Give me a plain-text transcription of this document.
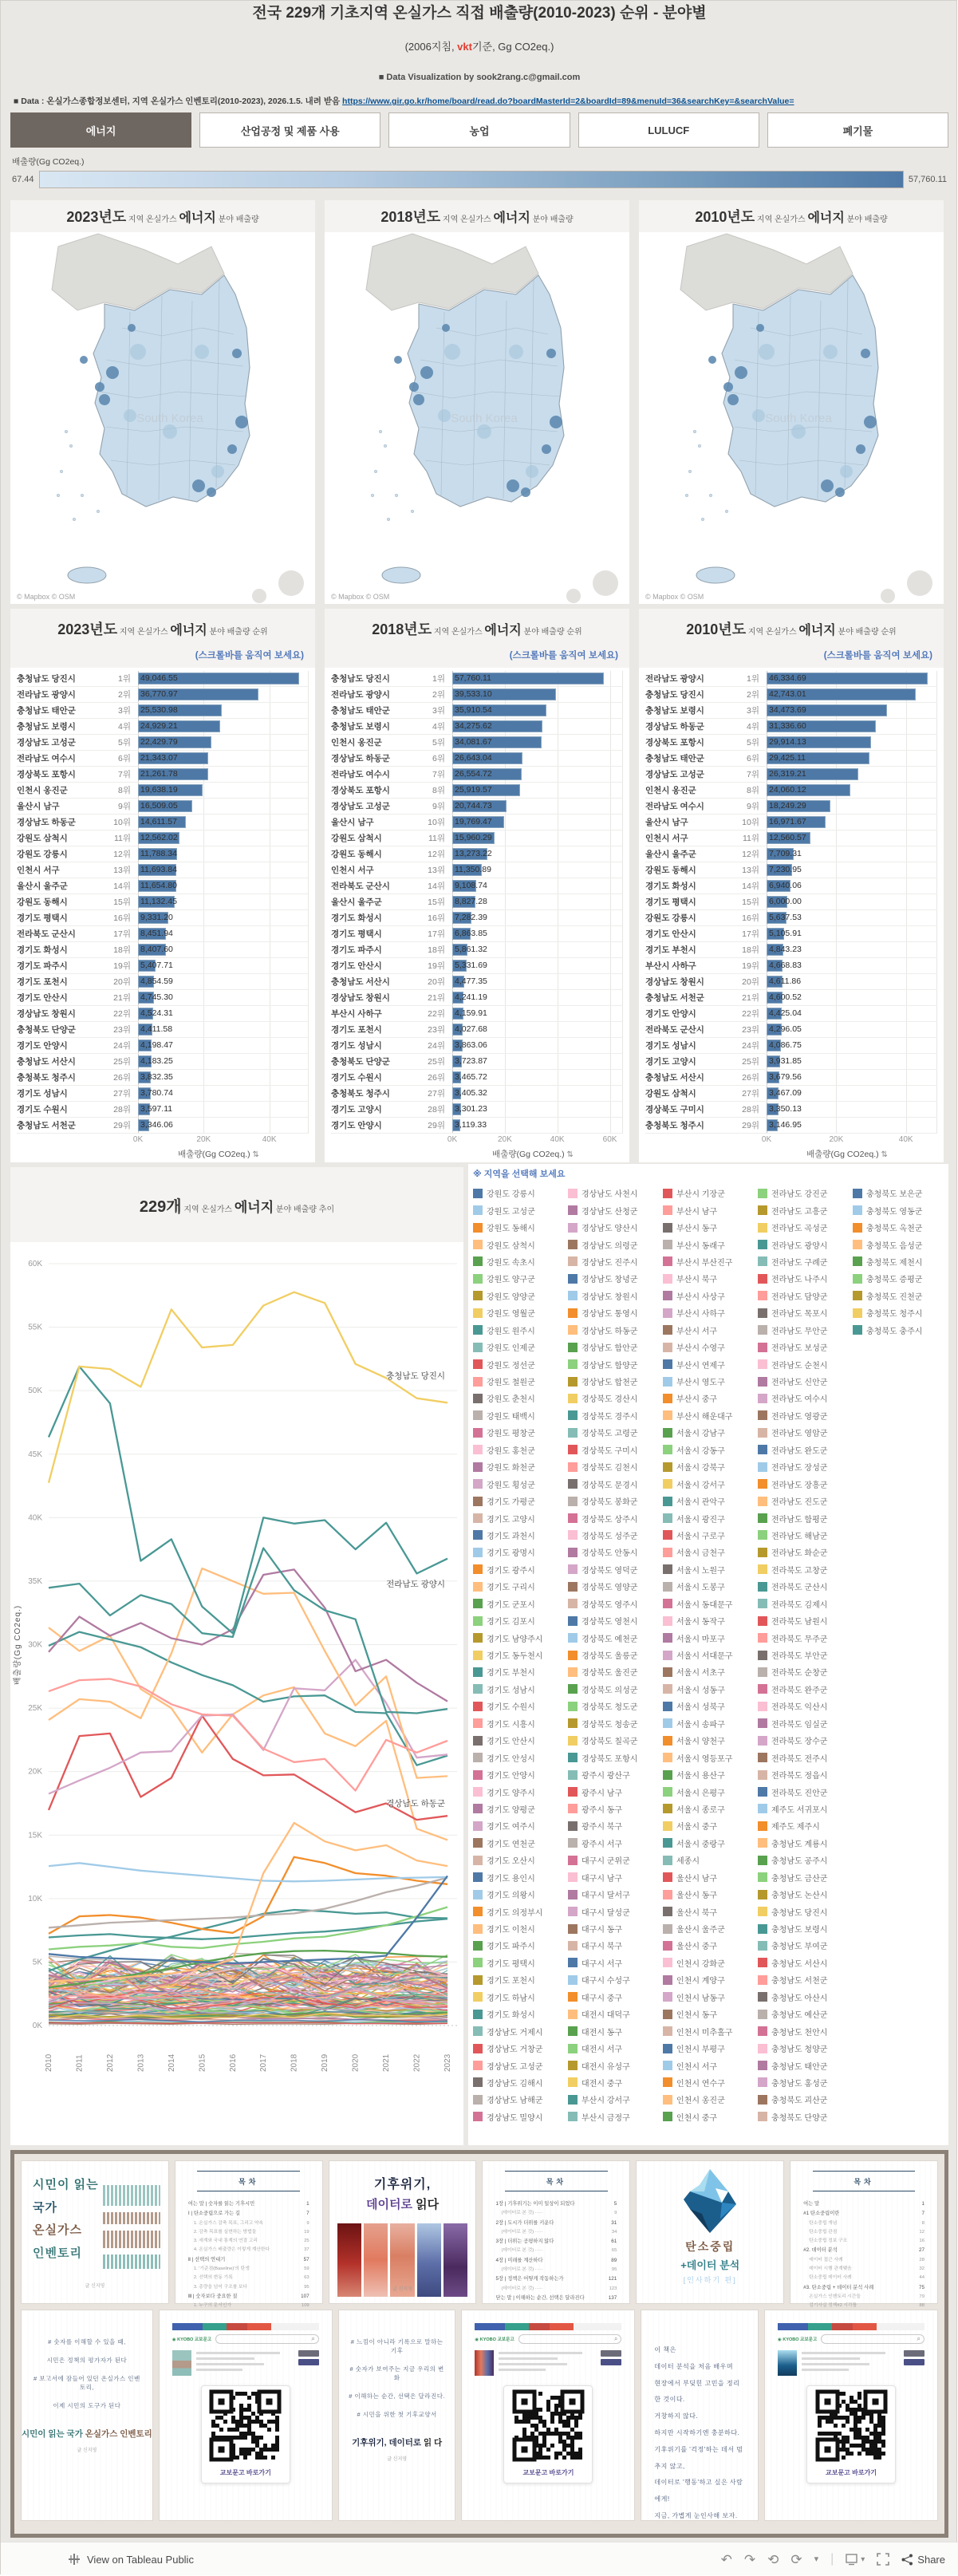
전국 229개 기초지역 온실가스 직접 배출량(2010-2023) 순위 - 분야별
(2006지침, vkt기준, Gg CO2eq.)
■ Data Visualization by sook2rang.c@gmail.com
■ Data : 온실가스종합정보센터, 지역 온실가스 인벤토리(2010-2023), 2026.1.5. 내려 받음 https://www.gir.go.kr/home/board/read.do?boardMasterId=2&boardId=89&menuId=36&searchKey=&searchValue=
에너지	산업공정 및 제품 사용	농업	LULUCF	폐기물
배출량(Gg CO2eq.)
67.44	57,760.11
2023년도 지역 온실가스 에너지 분야 배출량
South Korea
© Mapbox © OSM
2018년도 지역 온실가스 에너지 분야 배출량
South Korea
© Mapbox © OSM
2010년도 지역 온실가스 에너지 분야 배출량
South Korea
© Mapbox © OSM
2023년도 지역 온실가스 에너지 분야 배출량 순위
(스크롤바를 움직여 보세요)
충청남도 당진시	1위	49,046.55
전라남도 광양시	2위	36,770.97
충청남도 태안군	3위	25,530.98
충청남도 보령시	4위	24,929.21
경상남도 고성군	5위	22,429.79
전라남도 여수시	6위	21,343.07
경상북도 포항시	7위	21,261.78
인천시 옹진군	8위	19,638.19
울산시 남구	9위	16,509.05
경상남도 하동군	10위	14,611.57
강원도 삼척시	11위	12,562.02
강원도 강릉시	12위	11,788.34
인천시 서구	13위	11,693.84
울산시 울주군	14위	11,654.80
강원도 동해시	15위	11,132.45
경기도 평택시	16위	9,331.20
전라북도 군산시	17위	8,451.94
경기도 화성시	18위	8,407.60
경기도 파주시	19위	5,407.71
경기도 포천시	20위	4,854.59
경기도 안산시	21위	4,745.30
경상남도 창원시	22위	4,524.31
충청북도 단양군	23위	4,411.58
경기도 안양시	24위	4,198.47
충청남도 서산시	25위	4,183.25
충청북도 청주시	26위	3,832.35
경기도 성남시	27위	3,780.74
경기도 수원시	28위	3,597.11
충청남도 서천군	29위	3,346.06
0K	20K	40K
배출량(Gg CO2eq.) ⇅
2018년도 지역 온실가스 에너지 분야 배출량 순위
(스크롤바를 움직여 보세요)
충청남도 당진시	1위	57,760.11
전라남도 광양시	2위	39,533.10
충청남도 태안군	3위	35,910.54
충청남도 보령시	4위	34,275.62
인천시 옹진군	5위	34,081.67
경상남도 하동군	6위	26,643.04
전라남도 여수시	7위	26,554.72
경상북도 포항시	8위	25,919.57
경상남도 고성군	9위	20,744.73
울산시 남구	10위	19,769.47
강원도 삼척시	11위	15,960.29
강원도 동해시	12위	13,273.22
인천시 서구	13위	11,350.89
전라북도 군산시	14위	9,108.74
울산시 울주군	15위	8,827.28
경기도 화성시	16위	7,282.39
경기도 평택시	17위	6,863.85
경기도 파주시	18위	5,861.32
경기도 안산시	19위	5,331.69
충청남도 서산시	20위	4,477.35
경상남도 창원시	21위	4,241.19
부산시 사하구	22위	4,159.91
경기도 포천시	23위	4,027.68
경기도 성남시	24위	3,863.06
충청북도 단양군	25위	3,723.87
경기도 수원시	26위	3,465.72
충청북도 청주시	27위	3,405.32
경기도 고양시	28위	3,301.23
경기도 안양시	29위	3,119.33
0K	20K	40K	60K
배출량(Gg CO2eq.) ⇅
2010년도 지역 온실가스 에너지 분야 배출량 순위
(스크롤바를 움직여 보세요)
전라남도 광양시	1위	46,334.69
충청남도 당진시	2위	42,743.01
충청남도 보령시	3위	34,473.69
경상남도 하동군	4위	31,336.60
경상북도 포항시	5위	29,914.13
충청남도 태안군	6위	29,425.11
경상남도 고성군	7위	26,319.21
인천시 옹진군	8위	24,060.12
전라남도 여수시	9위	18,249.29
울산시 남구	10위	16,971.67
인천시 서구	11위	12,560.57
울산시 울주군	12위	7,709.31
강원도 동해시	13위	7,230.95
경기도 화성시	14위	6,940.06
경기도 평택시	15위	6,000.00
강원도 강릉시	16위	5,637.53
경기도 안산시	17위	5,105.91
경기도 부천시	18위	4,843.23
부산시 사하구	19위	4,668.83
경상남도 창원시	20위	4,611.86
충청남도 서천군	21위	4,600.52
경기도 안양시	22위	4,425.04
전라북도 군산시	23위	4,296.05
경기도 성남시	24위	4,086.75
경기도 고양시	25위	3,931.85
충청남도 서산시	26위	3,679.56
강원도 삼척시	27위	3,467.09
경상북도 구미시	28위	3,350.13
충청북도 청주시	29위	3,146.95
0K	20K	40K
배출량(Gg CO2eq.) ⇅
229개 지역 온실가스 에너지 분야 배출량 추이
0K
5K
10K
15K
20K
25K
30K
35K
40K
45K
50K
55K
60K
2010	2011	2012	2013	2014	2015	2016	2017	2018	2019	2020	2021	2022	2023
배출량(Gg CO2eq.)
충청남도 당진시
전라남도 광양시
경상남도 하동군
※ 지역을 선택해 보세요
강원도 강릉시
강원도 고성군
강원도 동해시
강원도 삼척시
강원도 속초시
강원도 양구군
강원도 양양군
강원도 영월군
강원도 원주시
강원도 인제군
강원도 정선군
강원도 철원군
강원도 춘천시
강원도 태백시
강원도 평창군
강원도 홍천군
강원도 화천군
강원도 횡성군
경기도 가평군
경기도 고양시
경기도 과천시
경기도 광명시
경기도 광주시
경기도 구리시
경기도 군포시
경기도 김포시
경기도 남양주시
경기도 동두천시
경기도 부천시
경기도 성남시
경기도 수원시
경기도 시흥시
경기도 안산시
경기도 안성시
경기도 안양시
경기도 양주시
경기도 양평군
경기도 여주시
경기도 연천군
경기도 오산시
경기도 용인시
경기도 의왕시
경기도 의정부시
경기도 이천시
경기도 파주시
경기도 평택시
경기도 포천시
경기도 하남시
경기도 화성시
경상남도 거제시
경상남도 거창군
경상남도 고성군
경상남도 김해시
경상남도 남해군
경상남도 밀양시
경상남도 사천시
경상남도 산청군
경상남도 양산시
경상남도 의령군
경상남도 진주시
경상남도 창녕군
경상남도 창원시
경상남도 통영시
경상남도 하동군
경상남도 함안군
경상남도 함양군
경상남도 합천군
경상북도 경산시
경상북도 경주시
경상북도 고령군
경상북도 구미시
경상북도 김천시
경상북도 문경시
경상북도 봉화군
경상북도 상주시
경상북도 성주군
경상북도 안동시
경상북도 영덕군
경상북도 영양군
경상북도 영주시
경상북도 영천시
경상북도 예천군
경상북도 울릉군
경상북도 울진군
경상북도 의성군
경상북도 청도군
경상북도 청송군
경상북도 칠곡군
경상북도 포항시
광주시 광산구
광주시 남구
광주시 동구
광주시 북구
광주시 서구
대구시 군위군
대구시 남구
대구시 달서구
대구시 달성군
대구시 동구
대구시 북구
대구시 서구
대구시 수성구
대구시 중구
대전시 대덕구
대전시 동구
대전시 서구
대전시 유성구
대전시 중구
부산시 강서구
부산시 금정구
부산시 기장군
부산시 남구
부산시 동구
부산시 동래구
부산시 부산진구
부산시 북구
부산시 사상구
부산시 사하구
부산시 서구
부산시 수영구
부산시 연제구
부산시 영도구
부산시 중구
부산시 해운대구
서울시 강남구
서울시 강동구
서울시 강북구
서울시 강서구
서울시 관악구
서울시 광진구
서울시 구로구
서울시 금천구
서울시 노원구
서울시 도봉구
서울시 동대문구
서울시 동작구
서울시 마포구
서울시 서대문구
서울시 서초구
서울시 성동구
서울시 성북구
서울시 송파구
서울시 양천구
서울시 영등포구
서울시 용산구
서울시 은평구
서울시 종로구
서울시 중구
서울시 중랑구
세종시
울산시 남구
울산시 동구
울산시 북구
울산시 울주군
울산시 중구
인천시 강화군
인천시 계양구
인천시 남동구
인천시 동구
인천시 미추홀구
인천시 부평구
인천시 서구
인천시 연수구
인천시 옹진군
인천시 중구
전라남도 강진군
전라남도 고흥군
전라남도 곡성군
전라남도 광양시
전라남도 구례군
전라남도 나주시
전라남도 담양군
전라남도 목포시
전라남도 무안군
전라남도 보성군
전라남도 순천시
전라남도 신안군
전라남도 여수시
전라남도 영광군
전라남도 영암군
전라남도 완도군
전라남도 장성군
전라남도 장흥군
전라남도 진도군
전라남도 함평군
전라남도 해남군
전라남도 화순군
전라북도 고창군
전라북도 군산시
전라북도 김제시
전라북도 남원시
전라북도 무주군
전라북도 부안군
전라북도 순창군
전라북도 완주군
전라북도 익산시
전라북도 임실군
전라북도 장수군
전라북도 전주시
전라북도 정읍시
전라북도 진안군
제주도 서귀포시
제주도 제주시
충청남도 계룡시
충청남도 공주시
충청남도 금산군
충청남도 논산시
충청남도 당진시
충청남도 보령시
충청남도 부여군
충청남도 서산시
충청남도 서천군
충청남도 아산시
충청남도 예산군
충청남도 천안시
충청남도 청양군
충청남도 태안군
충청남도 홍성군
충청북도 괴산군
충청북도 단양군
충청북도 보은군
충청북도 영동군
충청북도 옥천군
충청북도 음성군
충청북도 제천시
충청북도 증평군
충청북도 진천군
충청북도 청주시
충청북도 충주시
시민이 읽는
국가
온실가스
인벤토리
글 신지영
목차
여는 말 | 숫자를 읽는 기후시민	1
Ⅰ | 탄소중립으로 가는 길	7
1. 온실가스 감축 목표, 그리고 약속	9
2. 감축 목표를 실현하는 방법들	19
3. 세계와 국내 통계의 연결 고리	25
4. 온실가스 배출량은 이렇게 계산한다	37
Ⅱ | 선택의 연대기	57
1. '기준점(Baseline)'의 탄생	59
2. 선택의 변동 기록	63
3. 총량을 넘어 구조를 보다	95
Ⅲ | 숫자보다 중요한 질	107
1. 누구의 문서인가	109
기후위기,
데이터로 읽다
글 신지영
목차
1장 | 기후위기는 이미 일상이 되었다	5
(데이터로 본 것) ·····	9
2장 | 도시가 더위를 키운다	31
(데이터로 본 것) ·····	34
3장 | 더위는 공평하지 않다	61
(데이터로 본 것) ·····	65
4장 | 미래를 계산하다	89
(데이터로 본 것) ·····	95
5장 | 정책은 어떻게 작동하는가	121
(데이터로 본 것) ·····	123
닫는 말 | 이해하는 순간, 선택은 달라진다	137
탄소중립
+데이터 분석
[인사하기 편]
목차
여는 말	1
#1 탄소중립이란	7
탄소중립 개념	8
탄소중립 관점	12
탄소중립 정보 구조	16
#2. 데이터 분석	27
데이터 접근 사례	28
데이터 시행 관계맺음	32
탄소중립 데이터 사례	44
#3. 탄소중립 + 데이터 분석 사례	75
온실가스 인벤토리 시간들	79
검기사실 정책#2 시각틀	88
# 숫자를 이해할 수 있을 때,
시민은 정책의 평가자가 된다
# 보고서에 잠들어 있던 온실가스 인벤토리,
이제 시민의 도구가 된다
시민이 읽는 국가 온실가스 인벤토리
글 신지영
◉ KYOBO 교보문고	⌕
교보문고 바로가기
# 느낌이 아니라 기록으로 말하는 기후
# 숫자가 보여주는 지금 우리의 변화
# 이해하는 순간, 선택은 달라진다.
# 시민을 위한 첫 기후교양서
기후위기, 데이터로 읽 다
글 신지영
◉ KYOBO 교보문고	⌕
교보문고 바로가기
이 책은
데이터 분석을 처음 배우며
현장에서 부딪힌 고민을 정리한 것이다.
거창하지 않다.
하지만 시작하기엔 충분하다.
기후위기를 '걱정'하는 데서 멈추지 않고,
데이터로 '행동'하고 싶은 사람에게!
지금, 가볍게 눈인사해 보자.
◉ KYOBO 교보문고	⌕
교보문고 바로가기
View on Tableau Public	↶ ↷ ⟲ ⟳ ▾ |	▾	Share
